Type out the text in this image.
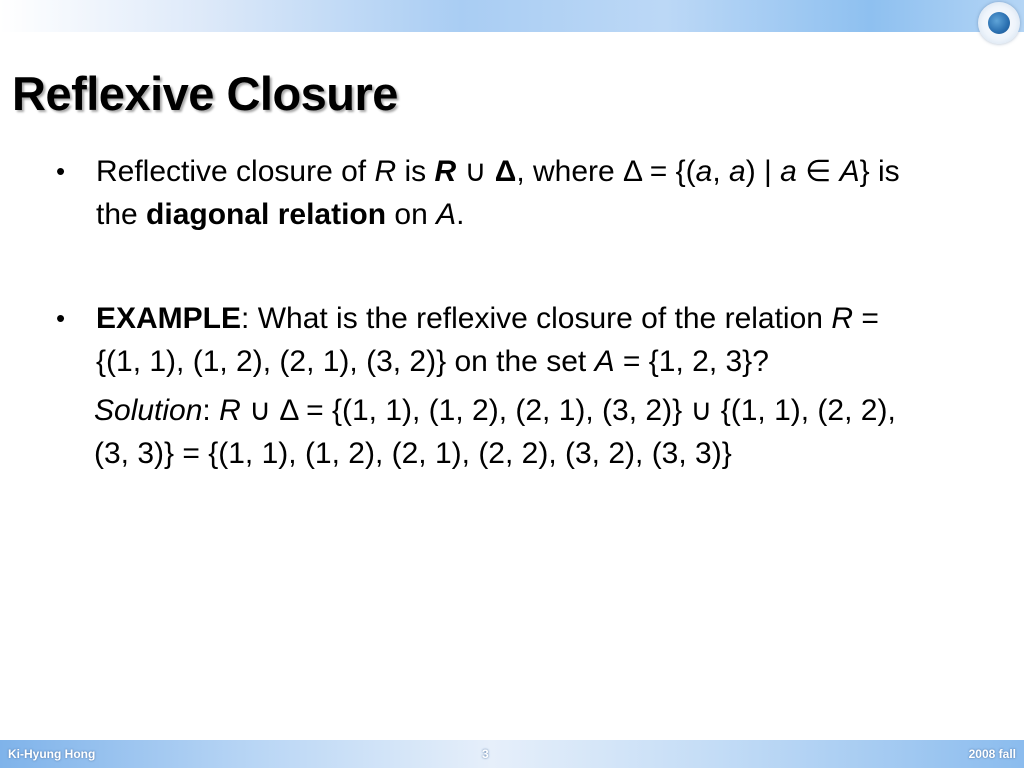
Reflexive Closure
•	Reflective closure of R is R ∪ Δ, where Δ = {(a, a) | a ∈ A} is the diagonal relation on A.
•	EXAMPLE: What is the reflexive closure of the relation R = {(1, 1), (1, 2), (2, 1), (3, 2)} on the set A = {1, 2, 3}?
Solution: R ∪ Δ = {(1, 1), (1, 2), (2, 1), (3, 2)} ∪ {(1, 1), (2, 2), (3, 3)} = {(1, 1), (1, 2), (2, 1), (2, 2), (3, 2), (3, 3)}
Ki-Hyung Hong	3	2008 fall
